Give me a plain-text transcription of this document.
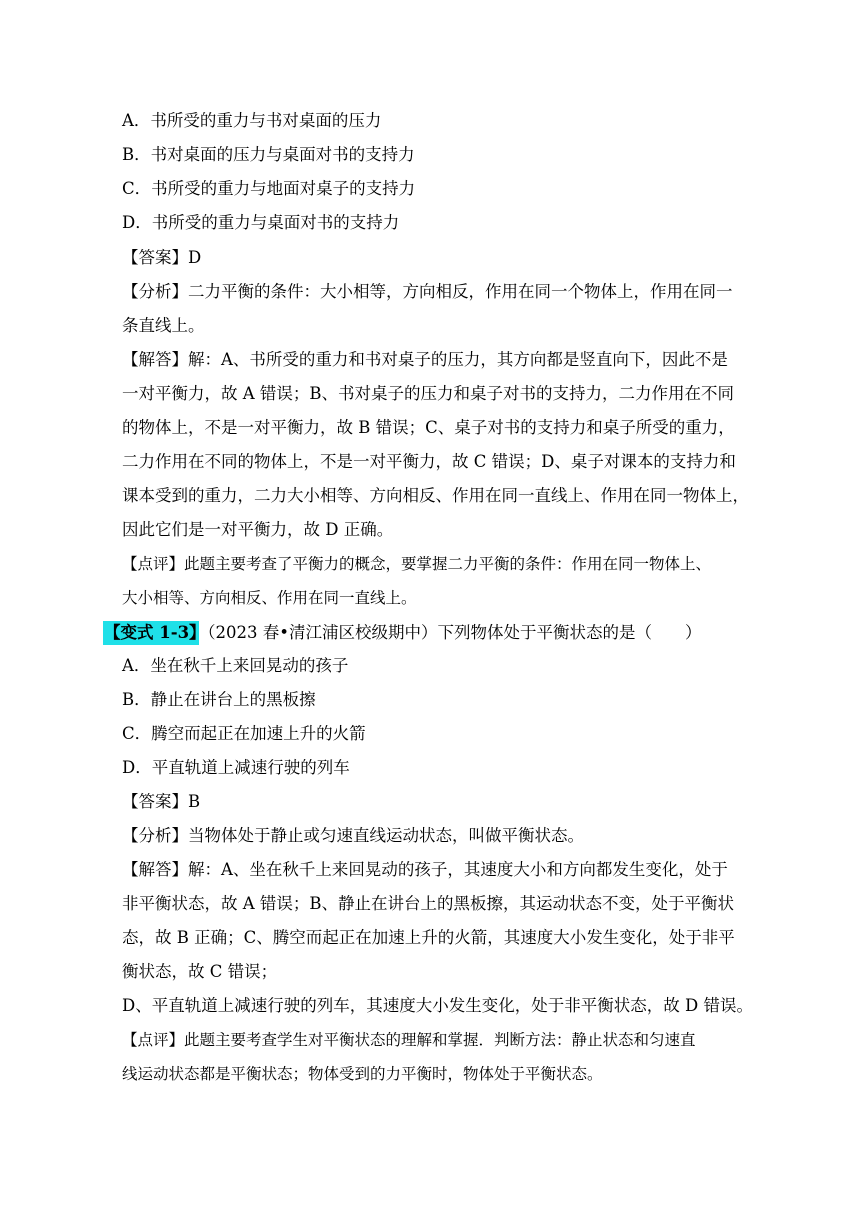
A．书所受的重力与书对桌面的压力
B．书对桌面的压力与桌面对书的支持力
C．书所受的重力与地面对桌子的支持力
D．书所受的重力与桌面对书的支持力
【答案】D
【分析】二力平衡的条件：大小相等，方向相反，作用在同一个物体上，作用在同一
条直线上。
【解答】解：A、书所受的重力和书对桌子的压力，其方向都是竖直向下，因此不是
一对平衡力，故 A 错误；B、书对桌子的压力和桌子对书的支持力，二力作用在不同
的物体上，不是一对平衡力，故 B 错误；C、桌子对书的支持力和桌子所受的重力，
二力作用在不同的物体上，不是一对平衡力，故 C 错误；D、桌子对课本的支持力和
课本受到的重力，二力大小相等、方向相反、作用在同一直线上、作用在同一物体上，
因此它们是一对平衡力，故 D 正确。
【点评】此题主要考查了平衡力的概念，要掌握二力平衡的条件：作用在同一物体上、
大小相等、方向相反、作用在同一直线上。
【变式 1-3】
（2023 春•清江浦区校级期中）下列物体处于平衡状态的是（　　）
A．坐在秋千上来回晃动的孩子
B．静止在讲台上的黑板擦
C．腾空而起正在加速上升的火箭
D．平直轨道上减速行驶的列车
【答案】B
【分析】当物体处于静止或匀速直线运动状态，叫做平衡状态。
【解答】解：A、坐在秋千上来回晃动的孩子，其速度大小和方向都发生变化，处于
非平衡状态，故 A 错误；B、静止在讲台上的黑板擦，其运动状态不变，处于平衡状
态，故 B 正确；C、腾空而起正在加速上升的火箭，其速度大小发生变化，处于非平
衡状态，故 C 错误；
D、平直轨道上减速行驶的列车，其速度大小发生变化，处于非平衡状态，故 D 错误。
【点评】此题主要考查学生对平衡状态的理解和掌握．判断方法：静止状态和匀速直
线运动状态都是平衡状态；物体受到的力平衡时，物体处于平衡状态。
